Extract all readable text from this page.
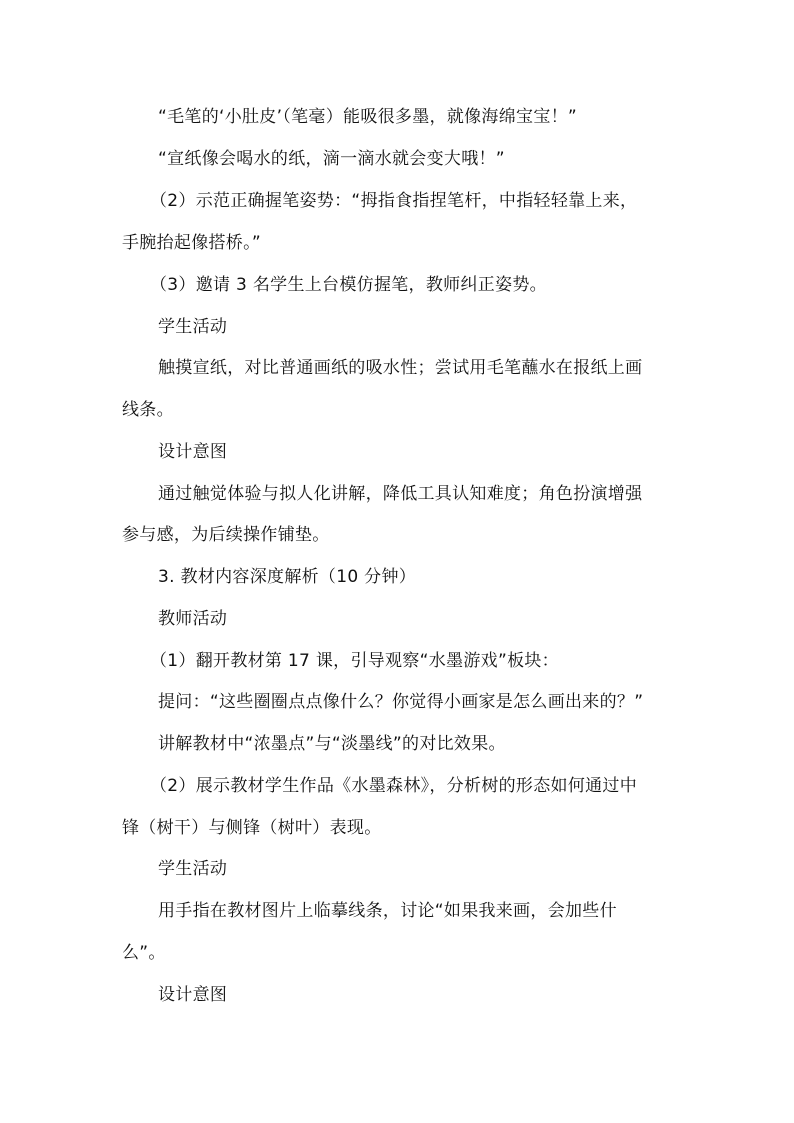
“毛笔的‘小肚皮’（笔毫）能吸很多墨，就像海绵宝宝！”
“宣纸像会喝水的纸，滴一滴水就会变大哦！”
（2）示范正确握笔姿势：“拇指食指捏笔杆，中指轻轻靠上来，
手腕抬起像搭桥。”
（3）邀请 3 名学生上台模仿握笔，教师纠正姿势。
学生活动
触摸宣纸，对比普通画纸的吸水性；尝试用毛笔蘸水在报纸上画
线条。
设计意图
通过触觉体验与拟人化讲解，降低工具认知难度；角色扮演增强
参与感，为后续操作铺垫。
3. 教材内容深度解析（10 分钟）
教师活动
（1）翻开教材第 17 课，引导观察“水墨游戏”板块：
提问：“这些圈圈点点像什么？你觉得小画家是怎么画出来的？”
讲解教材中“浓墨点”与“淡墨线”的对比效果。
（2）展示教材学生作品《水墨森林》，分析树的形态如何通过中
锋（树干）与侧锋（树叶）表现。
学生活动
用手指在教材图片上临摹线条，讨论“如果我来画，会加些什
么”。
设计意图
